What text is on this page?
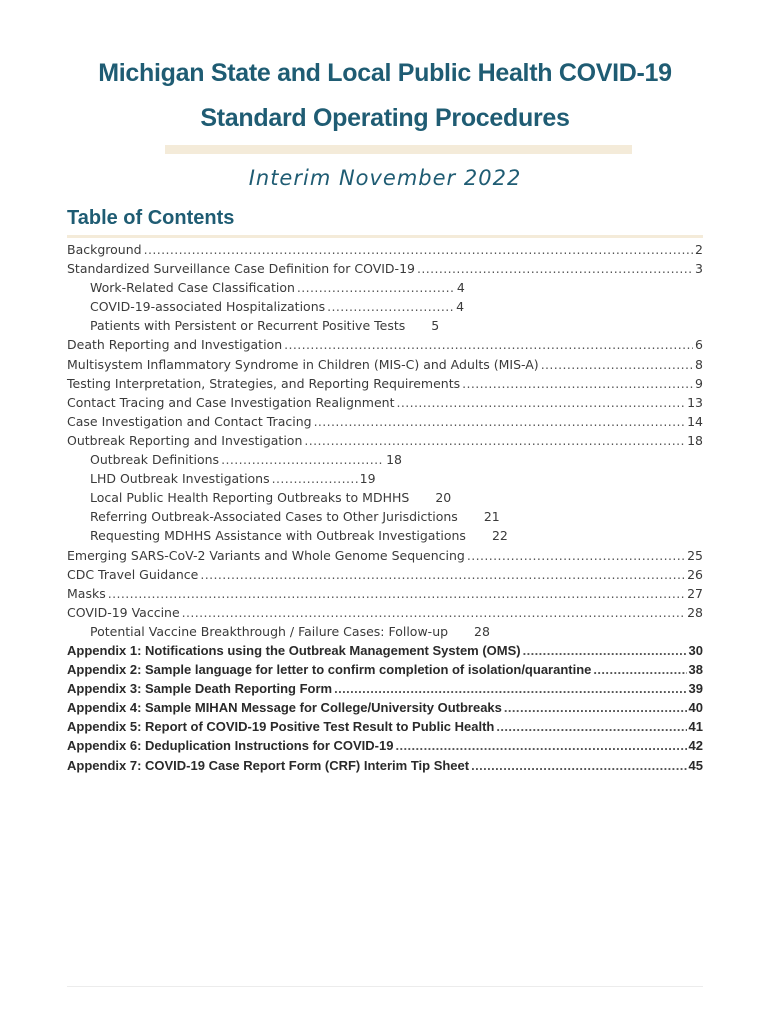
Michigan State and Local Public Health COVID-19
Standard Operating Procedures
Interim November 2022
Table of Contents
Background .....	2
Standardized Surveillance Case Definition for COVID-19 .....	3
Work-Related Case Classification .....	4
COVID-19-associated Hospitalizations .....	4
Patients with Persistent or Recurrent Positive Tests 5
Death Reporting and Investigation .....	6
Multisystem Inflammatory Syndrome in Children (MIS-C) and Adults (MIS-A) .....	8
Testing Interpretation, Strategies, and Reporting Requirements .....	9
Contact Tracing and Case Investigation Realignment .....	13
Case Investigation and Contact Tracing .....	14
Outbreak Reporting and Investigation .....	18
Outbreak Definitions .....	18
LHD Outbreak Investigations .....	19
Local Public Health Reporting Outbreaks to MDHHS 20
Referring Outbreak-Associated Cases to Other Jurisdictions 21
Requesting MDHHS Assistance with Outbreak Investigations 22
Emerging SARS-CoV-2 Variants and Whole Genome Sequencing .....	25
CDC Travel Guidance .....	26
Masks .....	27
COVID-19 Vaccine .....	28
Potential Vaccine Breakthrough / Failure Cases: Follow-up 28
Appendix 1: Notifications using the Outbreak Management System (OMS) .....	30
Appendix 2: Sample language for letter to confirm completion of isolation/quarantine .....	38
Appendix 3: Sample Death Reporting Form .....	39
Appendix 4: Sample MIHAN Message for College/University Outbreaks .....	40
Appendix 5: Report of COVID-19 Positive Test Result to Public Health .....	41
Appendix 6: Deduplication Instructions for COVID-19 .....	42
Appendix 7: COVID-19 Case Report Form (CRF) Interim Tip Sheet .....	45
